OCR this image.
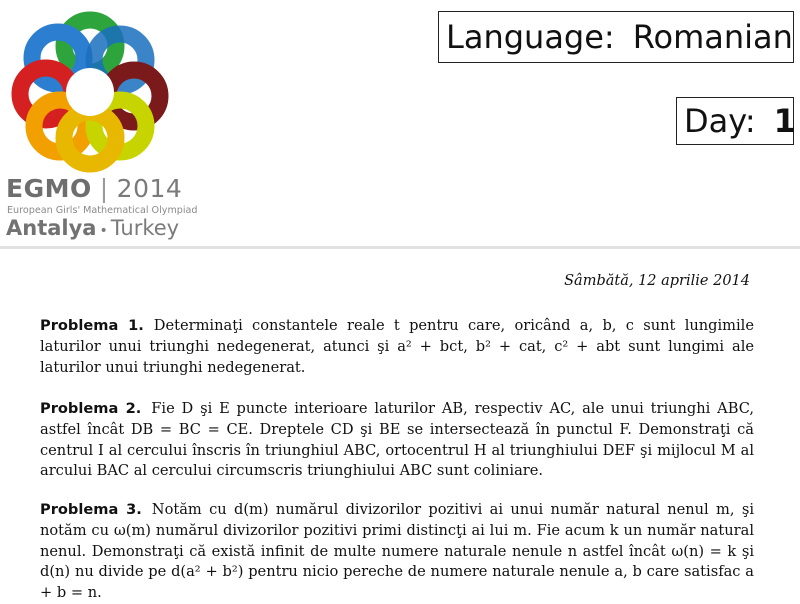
EGMO | 2014
European Girls' Mathematical Olympiad
Antalya • Turkey
Language: Romanian
Day: 1
Sâmbătă, 12 aprilie 2014
Problema 1. Determinaţi constantele reale t pentru care, oricând a, b, c sunt lungimile laturilor unui triunghi nedegenerat, atunci şi a² + bct, b² + cat, c² + abt sunt lungimi ale laturilor unui triunghi nedegenerat.
Problema 2. Fie D şi E puncte interioare laturilor AB, respectiv AC, ale unui triunghi ABC, astfel încât DB = BC = CE. Dreptele CD şi BE se intersectează în punctul F. Demonstraţi că centrul I al cercului înscris în triunghiul ABC, ortocentrul H al triunghiului DEF şi mijlocul M al arcului BAC al cercului circumscris triunghiului ABC sunt coliniare.
Problema 3. Notăm cu d(m) numărul divizorilor pozitivi ai unui număr natural nenul m, şi notăm cu ω(m) numărul divizorilor pozitivi primi distincţi ai lui m. Fie acum k un număr natural nenul. Demonstraţi că există infinit de multe numere naturale nenule n astfel încât ω(n) = k şi d(n) nu divide pe d(a² + b²) pentru nicio pereche de numere naturale nenule a, b care satisfac a + b = n.
